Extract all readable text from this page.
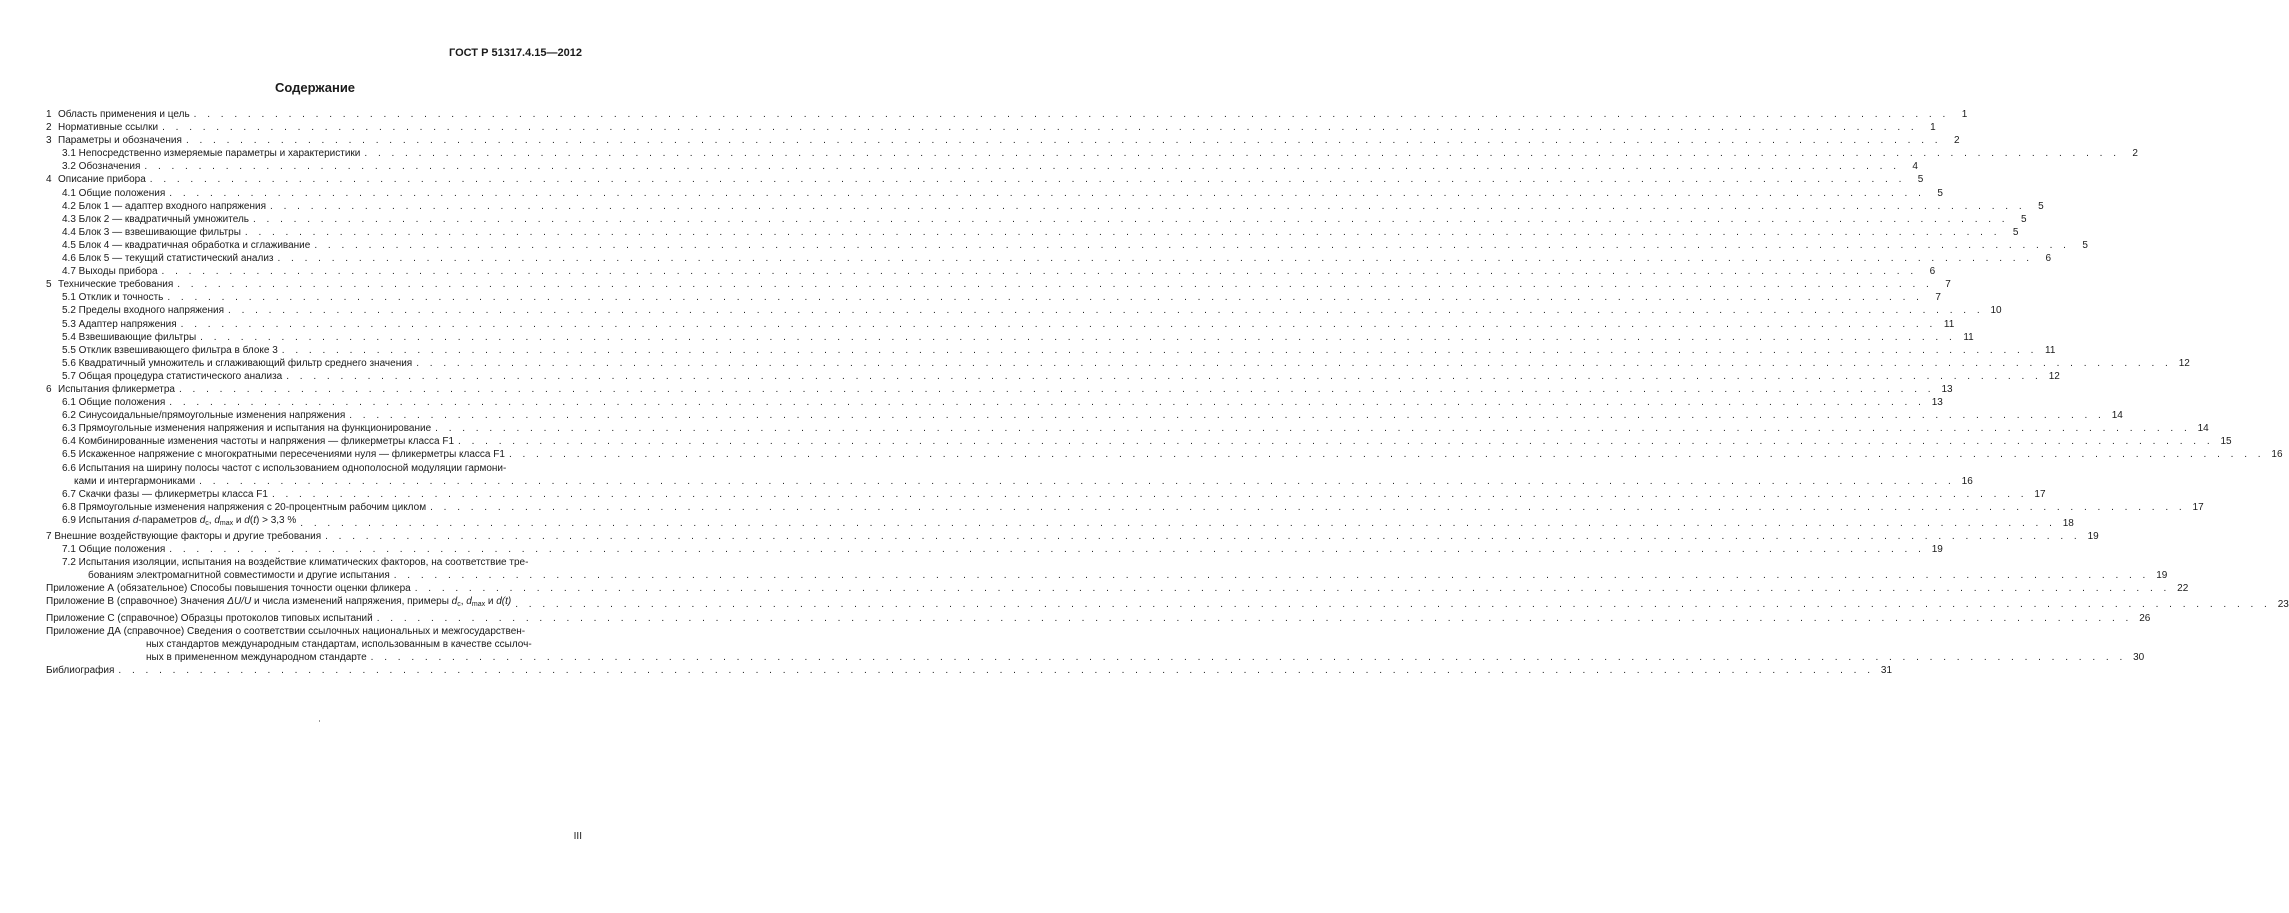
ГОСТ Р 51317.4.15—2012
Содержание
1 Область применения и цель . . .	1
2 Нормативные ссылки . . .	1
3 Параметры и обозначения . . .	2
3.1 Непосредственно измеряемые параметры и характеристики . . .	2
3.2 Обозначения . . .	4
4 Описание прибора . . .	5
4.1 Общие положения . . .	5
4.2 Блок 1 — адаптер входного напряжения . . .	5
4.3 Блок 2 — квадратичный умножитель . . .	5
4.4 Блок 3 — взвешивающие фильтры . . .	5
4.5 Блок 4 — квадратичная обработка и сглаживание . . .	5
4.6 Блок 5 — текущий статистический анализ . . .	6
4.7 Выходы прибора . . .	6
5 Технические требования . . .	7
5.1 Отклик и точность . . .	7
5.2 Пределы входного напряжения . . .	10
5.3 Адаптер напряжения . . .	11
5.4 Взвешивающие фильтры . . .	11
5.5 Отклик взвешивающего фильтра в блоке 3 . . .	11
5.6 Квадратичный умножитель и сглаживающий фильтр среднего значения . . .	12
5.7 Общая процедура статистического анализа . . .	12
6 Испытания фликерметра . . .	13
6.1 Общие положения . . .	13
6.2 Синусоидальные/прямоугольные изменения напряжения . . .	14
6.3 Прямоугольные изменения напряжения и испытания на функционирование . . .	14
6.4 Комбинированные изменения частоты и напряжения — фликерметры класса F1 . . .	15
6.5 Искаженное напряжение с многократными пересечениями нуля — фликерметры класса F1 . . .	16
6.6 Испытания на ширину полосы частот с использованием однополосной модуляции гармони-
ками и интергармониками . . .	16
6.7 Скачки фазы — фликерметры класса F1 . . .	17
6.8 Прямоугольные изменения напряжения с 20-процентным рабочим циклом . . .	17
6.9 Испытания d-параметров $d_c$, $d_{max}$ и d(t) > 3,3 % . . .	18
7 Внешние воздействующие факторы и другие требования . . .	19
7.1 Общие положения . . .	19
7.2 Испытания изоляции, испытания на воздействие климатических факторов, на соответствие тре-
бованиям электромагнитной совместимости и другие испытания . . .	19
Приложение А (обязательное) Способы повышения точности оценки фликера . . .	22
Приложение В (справочное) Значения ΔU/U и числа изменений напряжения, примеры $d_c$, $d_{max}$ и d(t) . . .	23
Приложение С (справочное) Образцы протоколов типовых испытаний . . .	26
Приложение ДА (справочное) Сведения о соответствии ссылочных национальных и межгосударствен-
ных стандартов международным стандартам, использованным в качестве ссылоч-
ных в примененном международном стандарте . . .	30
Библиография . . .	31
III
